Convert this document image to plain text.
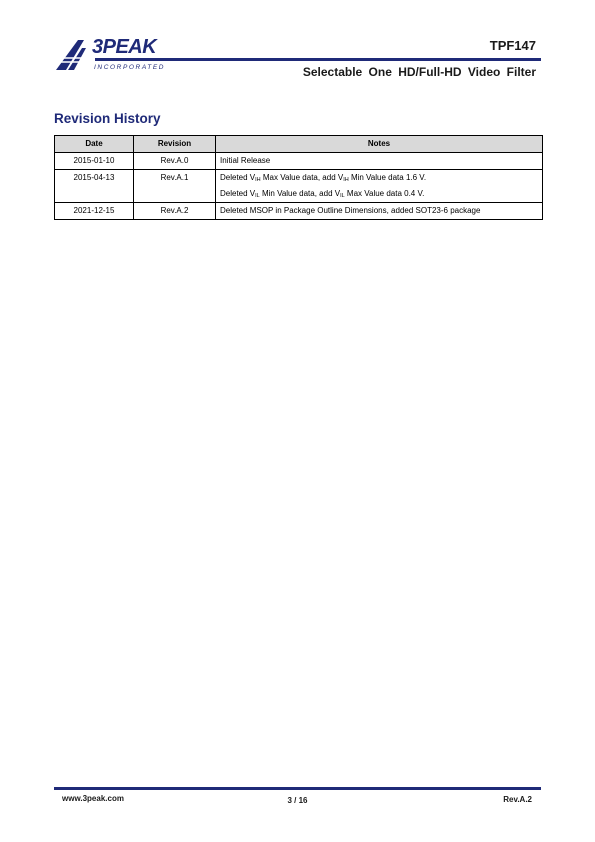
3PEAK
INCORPORATED
TPF147
Selectable One HD/Full-HD Video Filter
Revision History
Date	Revision	Notes
2015-01-10	Rev.A.0	Initial Release

2015-04-13	Rev.A.1	Deleted $V_{IH}$ Max Value data, add $V_{IH}$ Min Value data 1.6 V.
Deleted $V_{IL}$ Min Value data, add $V_{IL}$ Max Value data 0.4 V.

2021-12-15	Rev.A.2	Deleted MSOP in Package Outline Dimensions, added SOT23-6 package
www.3peak.com	3 / 16	Rev.A.2
